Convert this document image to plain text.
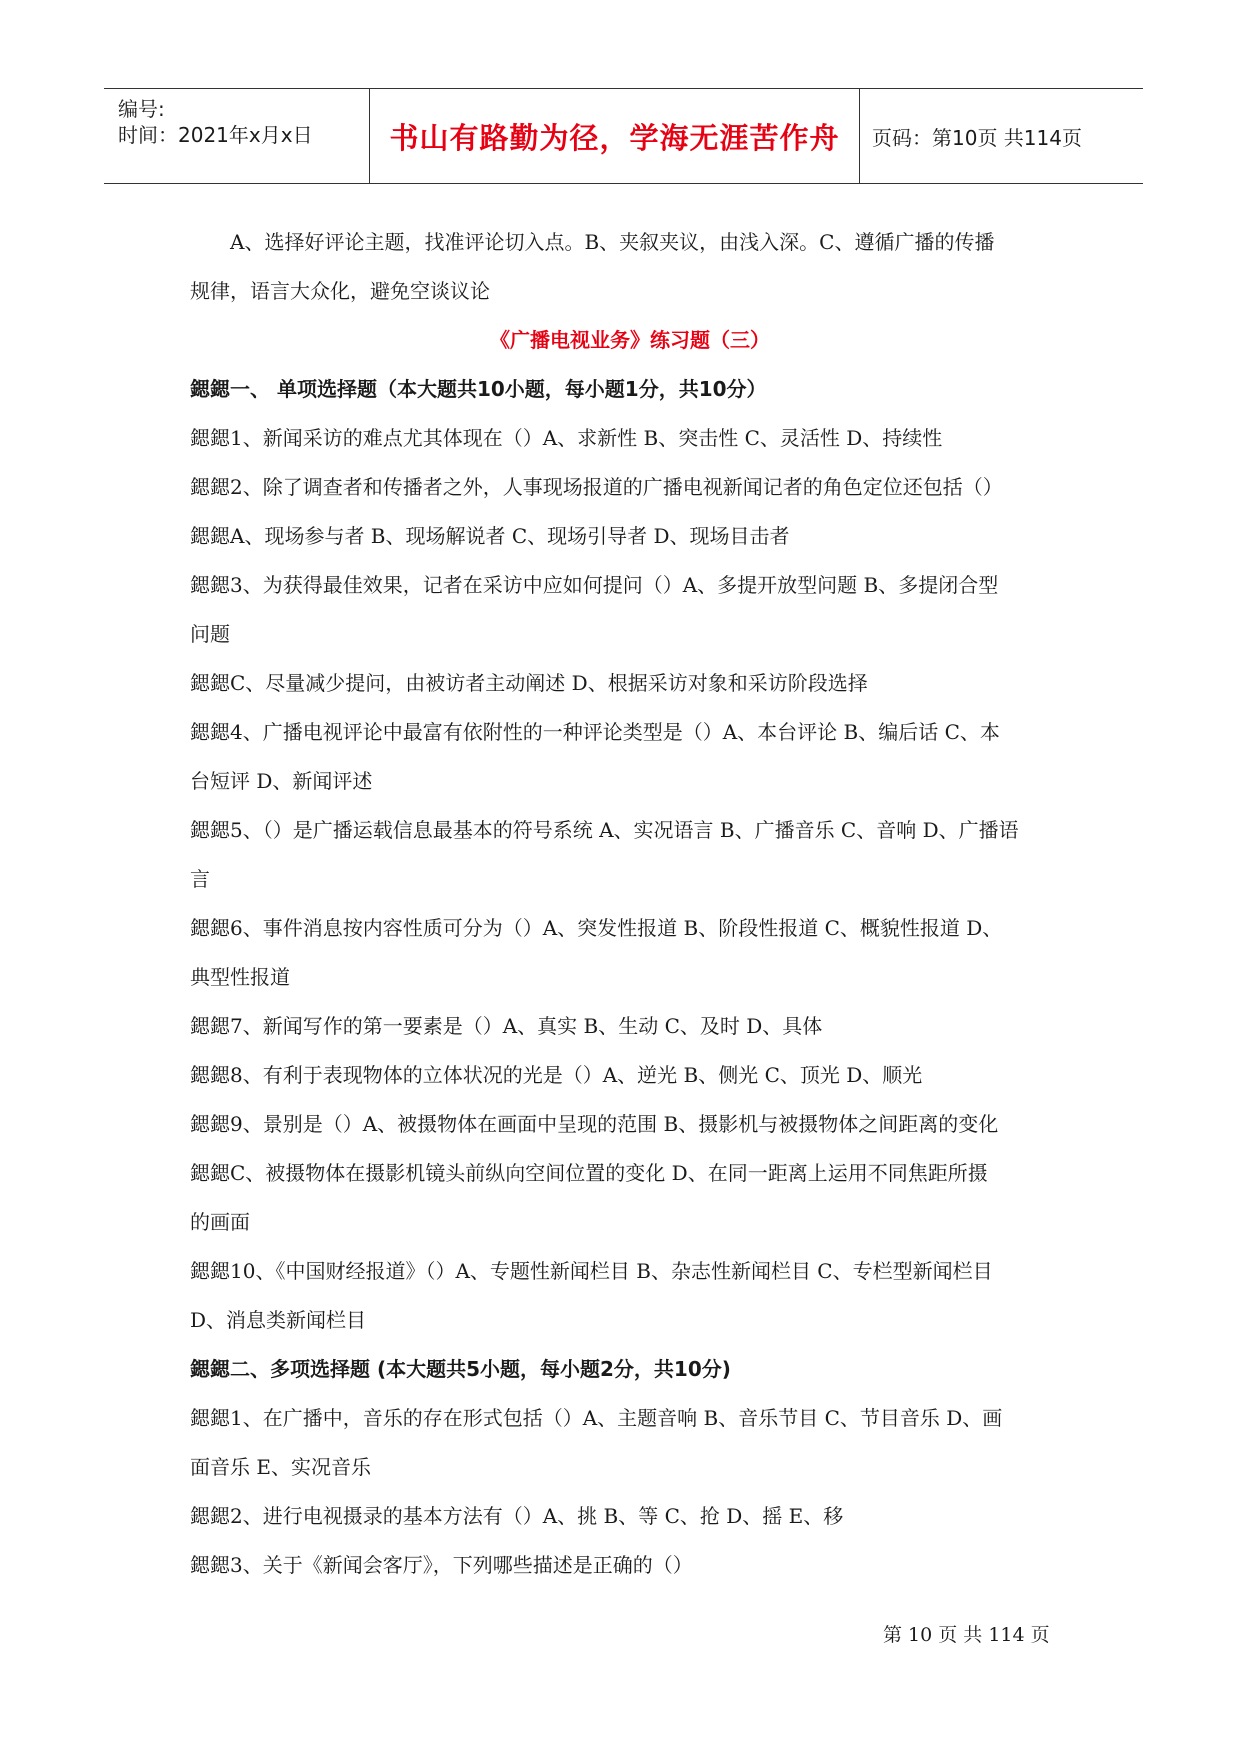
编号:
时间：2021年x月x日	书山有路勤为径，学海无涯苦作舟 页码：第10页 共114页
A、选择好评论主题，找准评论切入点。B、夹叙夹议，由浅入深。C、遵循广播的传播
规律，语言大众化，避免空谈议论
《广播电视业务》练习题（三）
鍶鍶一、 单项选择题（本大题共10小题，每小题1分，共10分）
鍶鍶1、新闻采访的难点尤其体现在（）A、求新性 B、突击性 C、灵活性 D、持续性
鍶鍶2、除了调查者和传播者之外，人事现场报道的广播电视新闻记者的角色定位还包括（）
鍶鍶A、现场参与者 B、现场解说者 C、现场引导者 D、现场目击者
鍶鍶3、为获得最佳效果，记者在采访中应如何提问（）A、多提开放型问题 B、多提闭合型
问题
鍶鍶C、尽量减少提问，由被访者主动阐述 D、根据采访对象和采访阶段选择
鍶鍶4、广播电视评论中最富有依附性的一种评论类型是（）A、本台评论 B、编后话 C、本
台短评 D、新闻评述
鍶鍶5、（）是广播运载信息最基本的符号系统 A、实况语言 B、广播音乐 C、音响 D、广播语
言
鍶鍶6、事件消息按内容性质可分为（）A、突发性报道 B、阶段性报道 C、概貌性报道 D、
典型性报道
鍶鍶7、新闻写作的第一要素是（）A、真实 B、生动 C、及时 D、具体
鍶鍶8、有利于表现物体的立体状况的光是（）A、逆光 B、侧光 C、顶光 D、顺光
鍶鍶9、景别是（）A、被摄物体在画面中呈现的范围 B、摄影机与被摄物体之间距离的变化
鍶鍶C、被摄物体在摄影机镜头前纵向空间位置的变化 D、在同一距离上运用不同焦距所摄
的画面
鍶鍶10、《中国财经报道》（）A、专题性新闻栏目 B、杂志性新闻栏目 C、专栏型新闻栏目
D、消息类新闻栏目
鍶鍶二、多项选择题 (本大题共5小题，每小题2分，共10分)
鍶鍶1、在广播中，音乐的存在形式包括（）A、主题音响 B、音乐节目 C、节目音乐 D、画
面音乐 E、实况音乐
鍶鍶2、进行电视摄录的基本方法有（）A、挑 B、等 C、抢 D、摇 E、移
鍶鍶3、关于《新闻会客厅》，下列哪些描述是正确的（）
第 10 页 共 114 页
